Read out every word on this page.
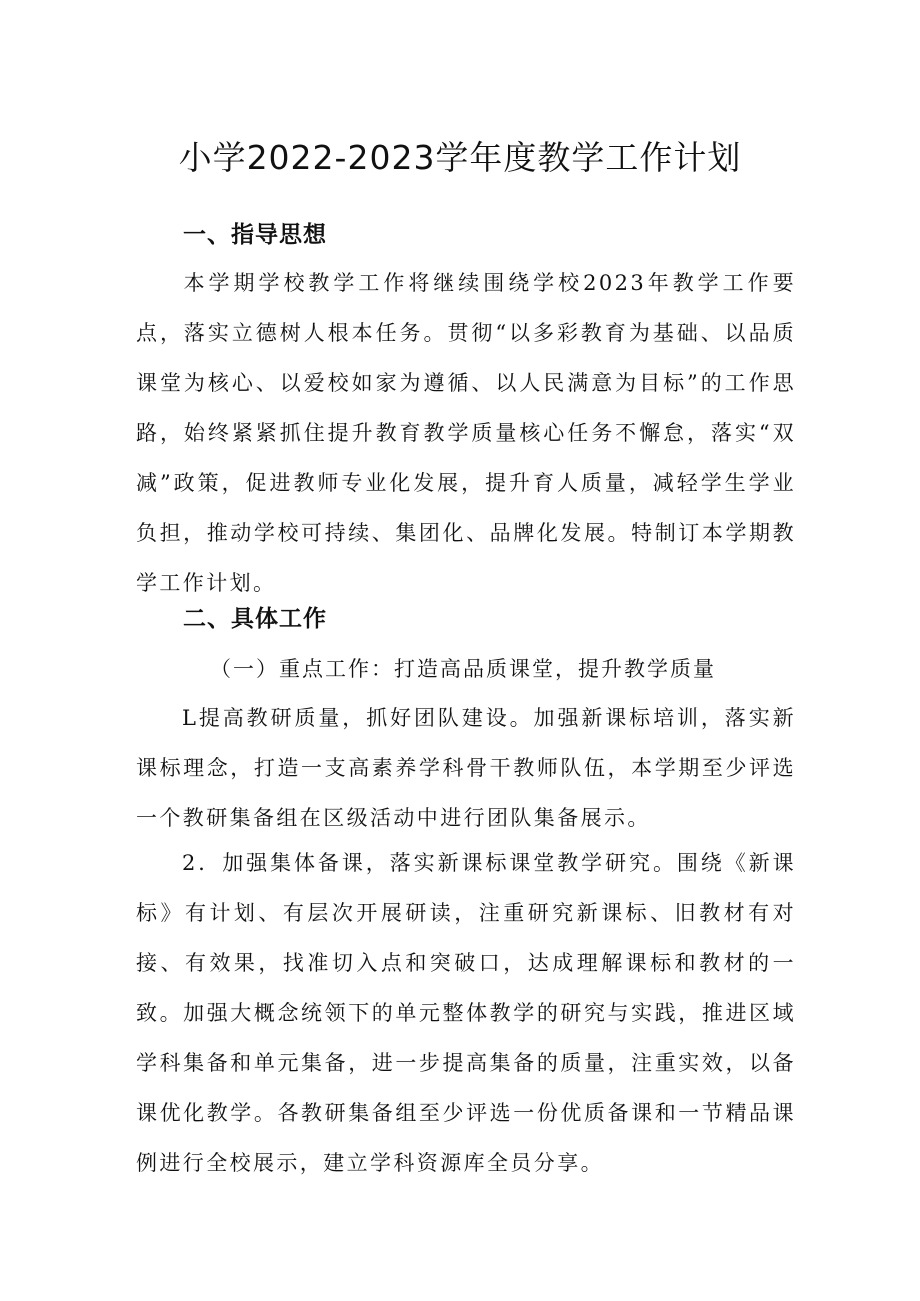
小学2022-2023学年度教学工作计划
一、指导思想

本学期学校教学工作将继续围绕学校2023年教学工作要点，落实立德树人根本任务。贯彻“以多彩教育为基础、以品质课堂为核心、以爱校如家为遵循、以人民满意为目标”的工作思路，始终紧紧抓住提升教育教学质量核心任务不懈怠，落实“双减”政策，促进教师专业化发展，提升育人质量，减轻学生学业负担，推动学校可持续、集团化、品牌化发展。特制订本学期教学工作计划。

二、具体工作

（一）重点工作：打造高品质课堂，提升教学质量

L提高教研质量，抓好团队建设。加强新课标培训，落实新课标理念，打造一支高素养学科骨干教师队伍，本学期至少评选一个教研集备组在区级活动中进行团队集备展示。

2．加强集体备课，落实新课标课堂教学研究。围绕《新课标》有计划、有层次开展研读，注重研究新课标、旧教材有对接、有效果，找准切入点和突破口，达成理解课标和教材的一致。加强大概念统领下的单元整体教学的研究与实践，推进区域学科集备和单元集备，进一步提高集备的质量，注重实效，以备课优化教学。各教研集备组至少评选一份优质备课和一节精品课例进行全校展示，建立学科资源库全员分享。
